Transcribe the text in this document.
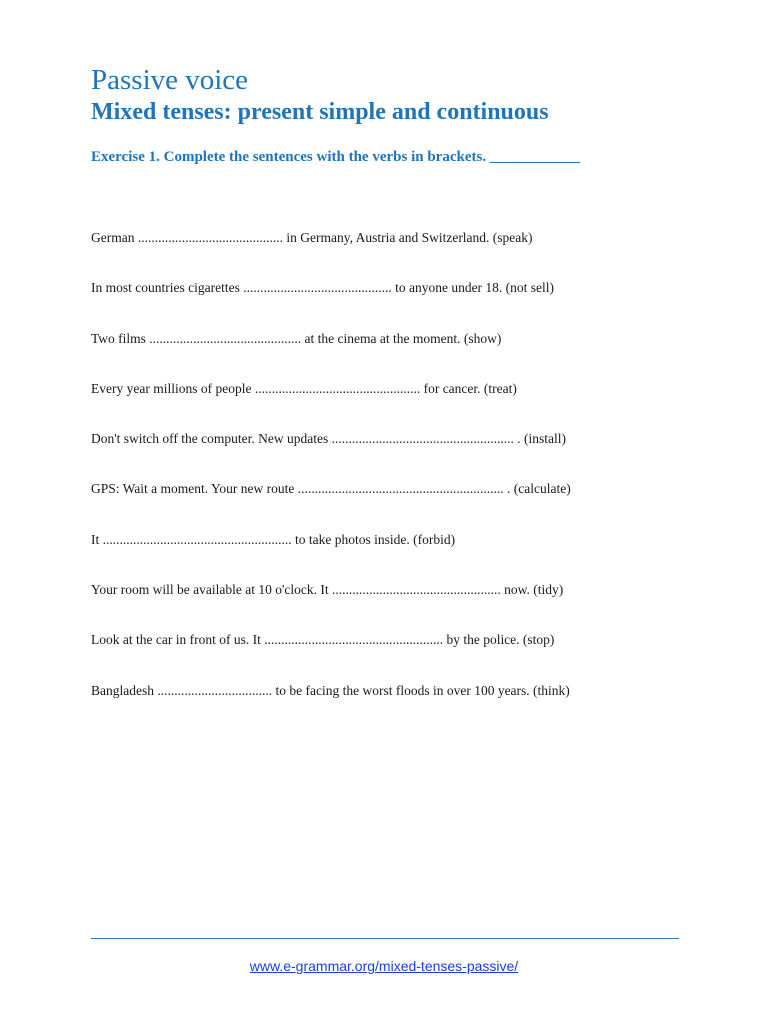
Passive voice
Mixed tenses: present simple and continuous

Exercise 1. Complete the sentences with the verbs in brackets. ____________

German ........................................... in Germany, Austria and Switzerland. (speak)
In most countries cigarettes ............................................ to anyone under 18. (not sell)
Two films ............................................. at the cinema at the moment. (show)
Every year millions of people ................................................. for cancer. (treat)
Don't switch off the computer. New updates ...................................................... . (install)
GPS: Wait a moment. Your new route ............................................................. . (calculate)
It ........................................................ to take photos inside. (forbid)
Your room will be available at 10 o'clock. It .................................................. now. (tidy)
Look at the car in front of us. It ..................................................... by the police. (stop)
Bangladesh .................................. to be facing the worst floods in over 100 years. (think)
www.e-grammar.org/mixed-tenses-passive/
